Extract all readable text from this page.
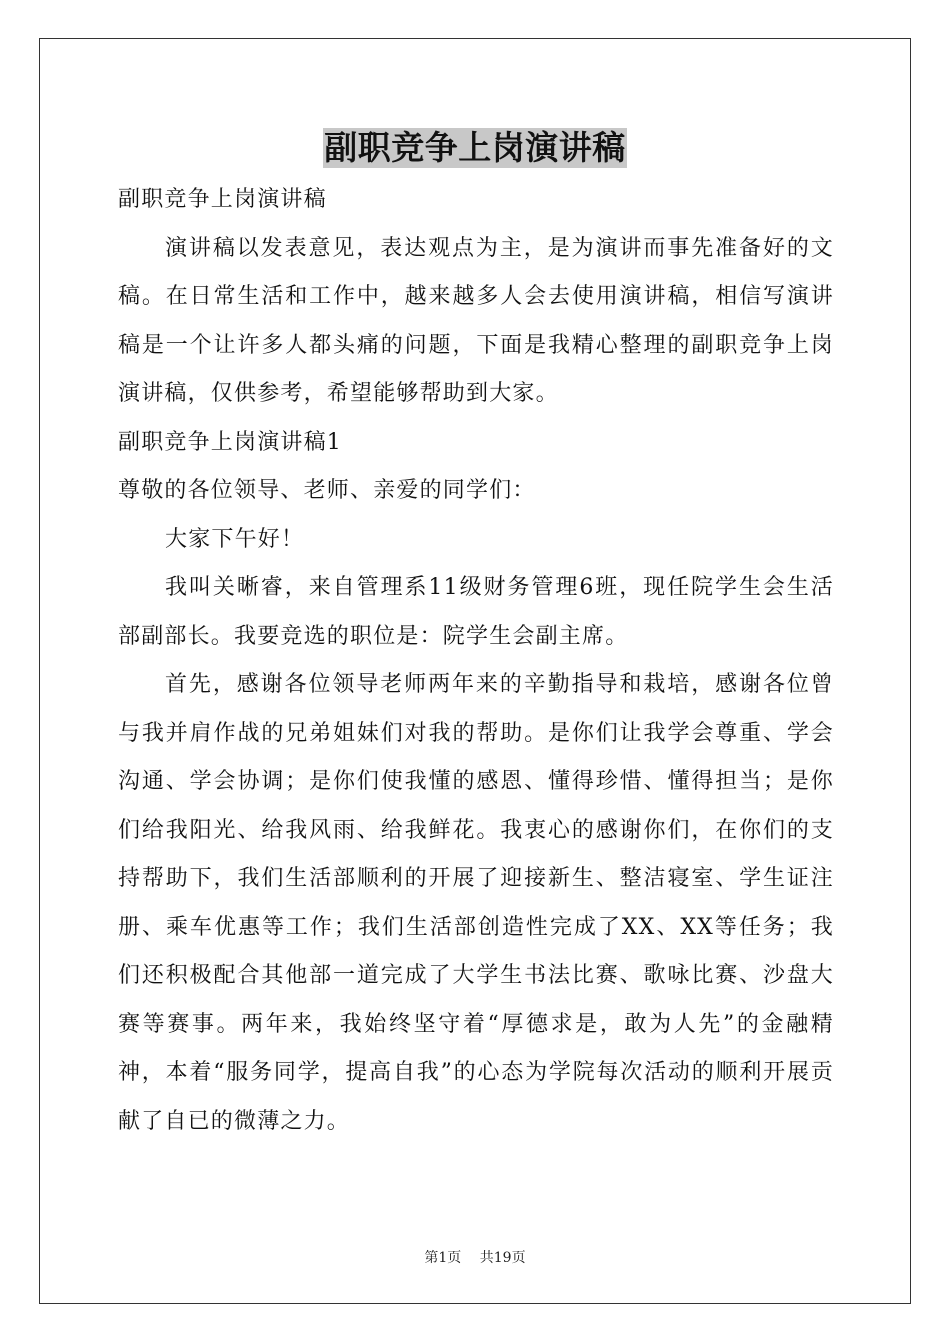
副职竞争上岗演讲稿

副职竞争上岗演讲稿

演讲稿以发表意见，表达观点为主，是为演讲而事先准备好的文稿。在日常生活和工作中，越来越多人会去使用演讲稿，相信写演讲稿是一个让许多人都头痛的问题，下面是我精心整理的副职竞争上岗演讲稿，仅供参考，希望能够帮助到大家。

副职竞争上岗演讲稿1

尊敬的各位领导、老师、亲爱的同学们：

大家下午好！

我叫关晰睿，来自管理系11级财务管理6班，现任院学生会生活部副部长。我要竞选的职位是：院学生会副主席。

首先，感谢各位领导老师两年来的辛勤指导和栽培，感谢各位曾与我并肩作战的兄弟姐妹们对我的帮助。是你们让我学会尊重、学会沟通、学会协调；是你们使我懂的感恩、懂得珍惜、懂得担当；是你们给我阳光、给我风雨、给我鲜花。我衷心的感谢你们，在你们的支持帮助下，我们生活部顺利的开展了迎接新生、整洁寝室、学生证注册、乘车优惠等工作；我们生活部创造性完成了XX、XX等任务；我们还积极配合其他部一道完成了大学生书法比赛、歌咏比赛、沙盘大赛等赛事。两年来，我始终坚守着“厚德求是，敢为人先”的金融精神，本着“服务同学，提高自我”的心态为学院每次活动的顺利开展贡献了自已的微薄之力。

第1页 共19页
